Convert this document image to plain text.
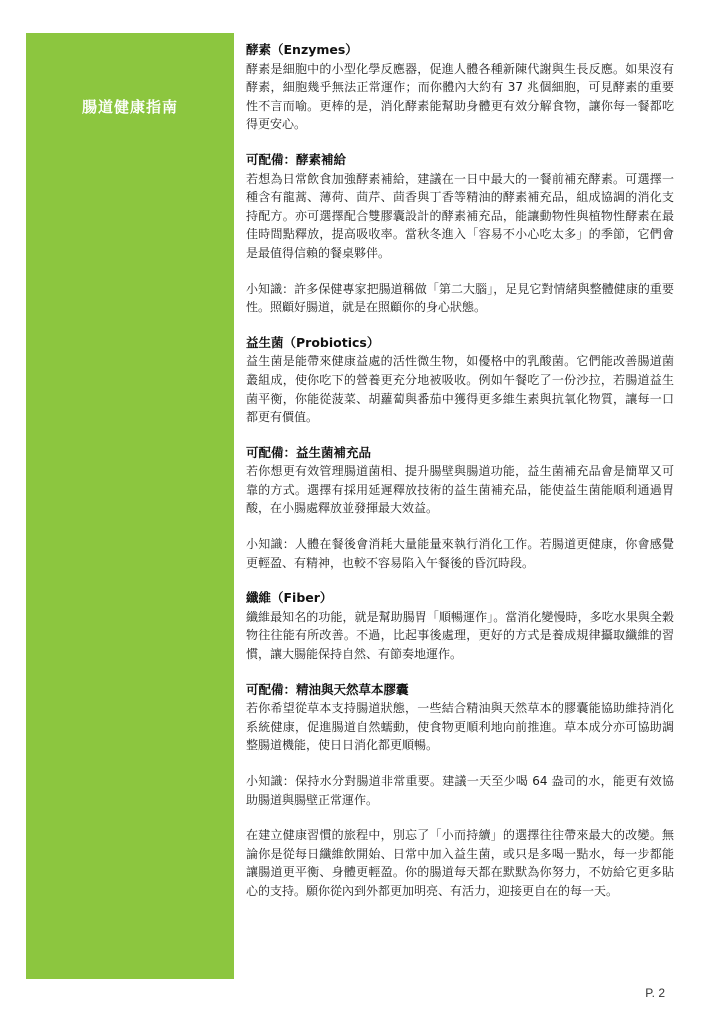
腸道健康指南
酵素（Enzymes）

酵素是細胞中的小型化學反應器，促進人體各種新陳代謝與生長反應。如果沒有酵素，細胞幾乎無法正常運作；而你體內大約有 37 兆個細胞，可見酵素的重要性不言而喻。更棒的是，消化酵素能幫助身體更有效分解食物，讓你每一餐都吃得更安心。

可配備：酵素補給

若想為日常飲食加強酵素補給，建議在一日中最大的一餐前補充酵素。可選擇一種含有龍蒿、薄荷、茴芹、茴香與丁香等精油的酵素補充品，組成協調的消化支持配方。亦可選擇配合雙膠囊設計的酵素補充品，能讓動物性與植物性酵素在最佳時間點釋放，提高吸收率。當秋冬進入「容易不小心吃太多」的季節，它們會是最值得信賴的餐桌夥伴。

小知識：許多保健專家把腸道稱做「第二大腦」，足見它對情緒與整體健康的重要性。照顧好腸道，就是在照顧你的身心狀態。

益生菌（Probiotics）

益生菌是能帶來健康益處的活性微生物，如優格中的乳酸菌。它們能改善腸道菌叢組成，使你吃下的營養更充分地被吸收。例如午餐吃了一份沙拉，若腸道益生菌平衡，你能從菠菜、胡蘿蔔與番茄中獲得更多維生素與抗氧化物質，讓每一口都更有價值。

可配備：益生菌補充品

若你想更有效管理腸道菌相、提升腸壁與腸道功能，益生菌補充品會是簡單又可靠的方式。選擇有採用延遲釋放技術的益生菌補充品，能使益生菌能順利通過胃酸，在小腸處釋放並發揮最大效益。

小知識：人體在餐後會消耗大量能量來執行消化工作。若腸道更健康，你會感覺更輕盈、有精神，也較不容易陷入午餐後的昏沉時段。

纖維（Fiber）

纖維最知名的功能，就是幫助腸胃「順暢運作」。當消化變慢時，多吃水果與全穀物往往能有所改善。不過，比起事後處理，更好的方式是養成規律攝取纖維的習慣，讓大腸能保持自然、有節奏地運作。

可配備：精油與天然草本膠囊

若你希望從草本支持腸道狀態，一些結合精油與天然草本的膠囊能協助維持消化系統健康，促進腸道自然蠕動，使食物更順利地向前推進。草本成分亦可協助調整腸道機能，使日日消化都更順暢。

小知識：保持水分對腸道非常重要。建議一天至少喝 64 盎司的水，能更有效協助腸道與腸壁正常運作。

在建立健康習慣的旅程中，別忘了「小而持續」的選擇往往帶來最大的改變。無論你是從每日纖維飲開始、日常中加入益生菌，或只是多喝一點水，每一步都能讓腸道更平衡、身體更輕盈。你的腸道每天都在默默為你努力，不妨給它更多貼心的支持。願你從內到外都更加明亮、有活力，迎接更自在的每一天。

P. 2
